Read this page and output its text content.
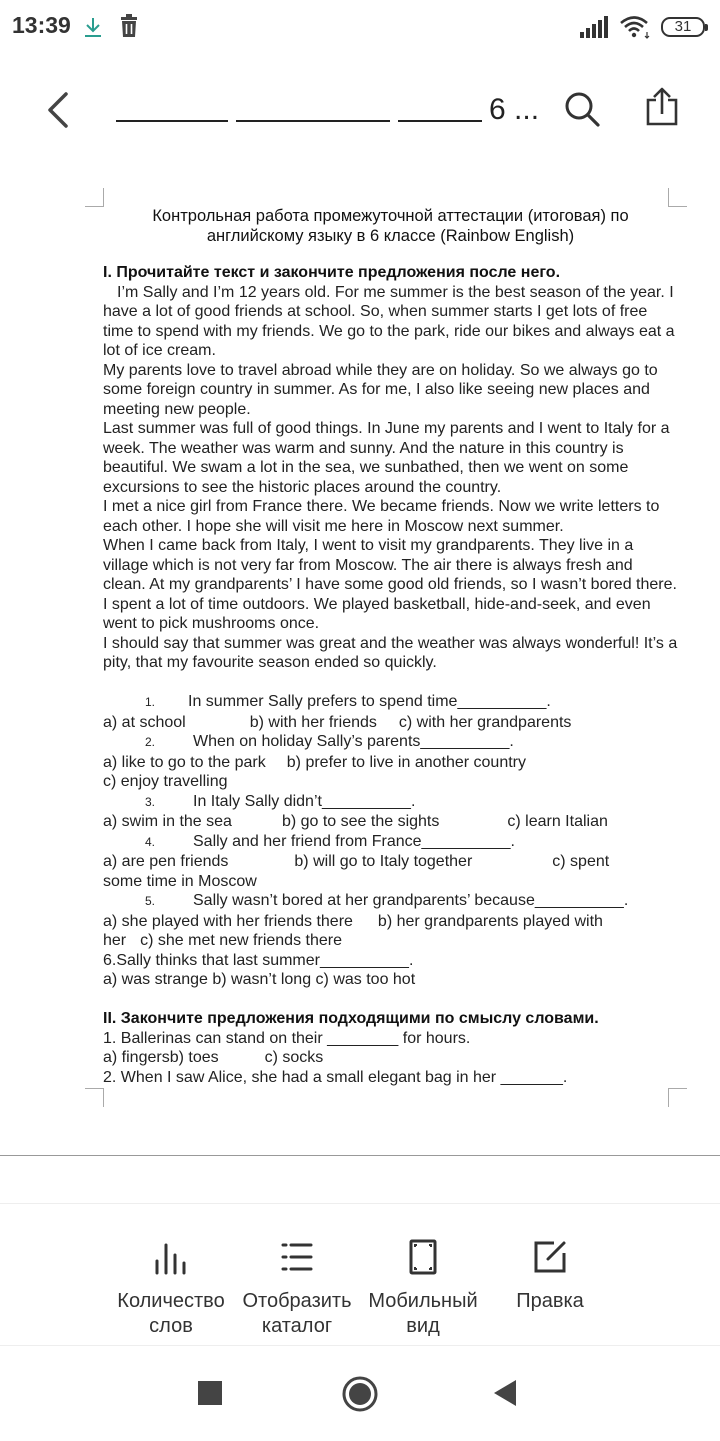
13:39	31
6 ...
Контрольная работа промежуточной аттестации (итоговая) по
английскому языку в 6 классе (Rainbow English)

I. Прочитайте текст и закончите предложения после него.

I’m Sally and I’m 12 years old. For me summer is the best season of the year. I have a lot of good friends at school. So, when summer starts I get lots of free time to spend with my friends. We go to the park, ride our bikes and always eat a lot of ice cream.

My parents love to travel abroad while they are on holiday. So we always go to some foreign country in summer. As for me, I also like seeing new places and meeting new people.

Last summer was full of good things. In June my parents and I went to Italy for a week. The weather was warm and sunny. And the nature in this country is beautiful. We swam a lot in the sea, we sunbathed, then we went on some excursions to see the historic places around the country.

I met a nice girl from France there. We became friends. Now we write letters to each other. I hope she will visit me here in Moscow next summer.

When I came back from Italy, I went to visit my grandparents. They live in a village which is not very far from Moscow. The air there is always fresh and clean. At my grandparents’ I have some good old friends, so I wasn’t bored there. I spent a lot of time outdoors. We played basketball, hide-and-seek, and even went to pick mushrooms once.

I should say that summer was great and the weather was always wonderful! It’s a pity, that my favourite season ended so quickly.

1. In summer Sally prefers to spend time__________.

a) at school	b) with her friends c) with her grandparents

2. When on holiday Sally’s parents__________.

a) like to go to the park b) prefer to live in another country

c) enjoy travelling

3. In Italy Sally didn’t__________.

a) swim in the sea	b) go to see the sights	c) learn Italian

4. Sally and her friend from France__________.

a) are pen friends	b) will go to Italy together	c) spent

some time in Moscow

5. Sally wasn’t bored at her grandparents’ because__________.

a) she played with her friends there b) her grandparents played with

her c) she met new friends there

6.Sally thinks that last summer__________.

a) was strange b) wasn’t long c) was too hot

II. Закончите предложения подходящими по смыслу словами.

1. Ballerinas can stand on their ________ for hours.

a) fingersb) toes	c) socks

2. When I saw Alice, she had a small elegant bag in her _______.

Количество
слов
Отобразить
каталог
Мобильный
вид
Правка
